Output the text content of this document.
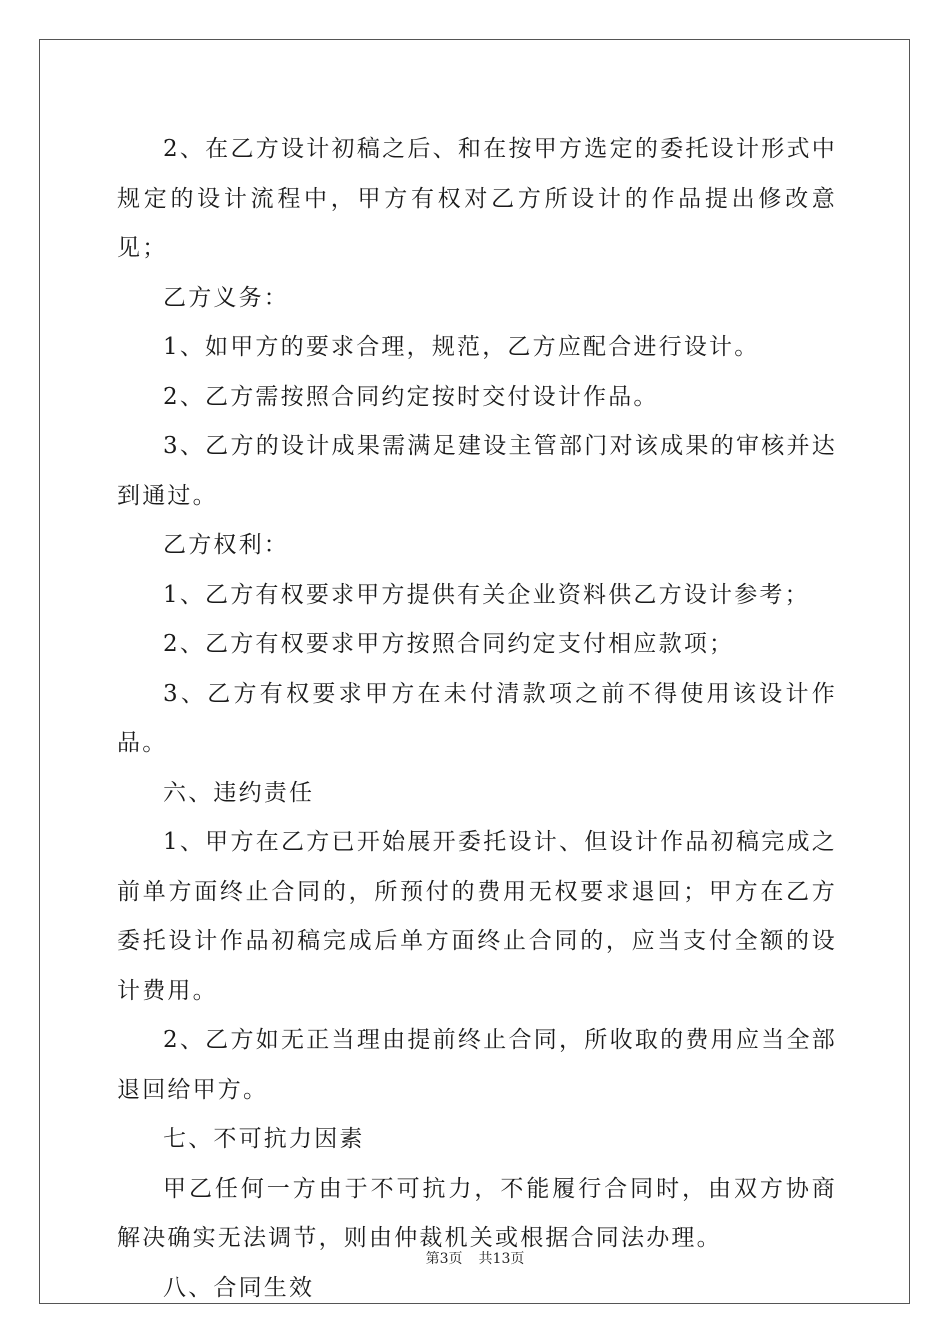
2、在乙方设计初稿之后、和在按甲方选定的委托设计形式中规定的设计流程中，甲方有权对乙方所设计的作品提出修改意见；

乙方义务：

1、如甲方的要求合理，规范，乙方应配合进行设计。

2、乙方需按照合同约定按时交付设计作品。

3、乙方的设计成果需满足建设主管部门对该成果的审核并达到通过。

乙方权利：

1、乙方有权要求甲方提供有关企业资料供乙方设计参考；

2、乙方有权要求甲方按照合同约定支付相应款项；

3、乙方有权要求甲方在未付清款项之前不得使用该设计作品。

六、违约责任

1、甲方在乙方已开始展开委托设计、但设计作品初稿完成之前单方面终止合同的，所预付的费用无权要求退回；甲方在乙方委托设计作品初稿完成后单方面终止合同的，应当支付全额的设计费用。

2、乙方如无正当理由提前终止合同，所收取的费用应当全部退回给甲方。

七、不可抗力因素

甲乙任何一方由于不可抗力，不能履行合同时，由双方协商解决确实无法调节，则由仲裁机关或根据合同法办理。

八、合同生效

第3页 共13页
